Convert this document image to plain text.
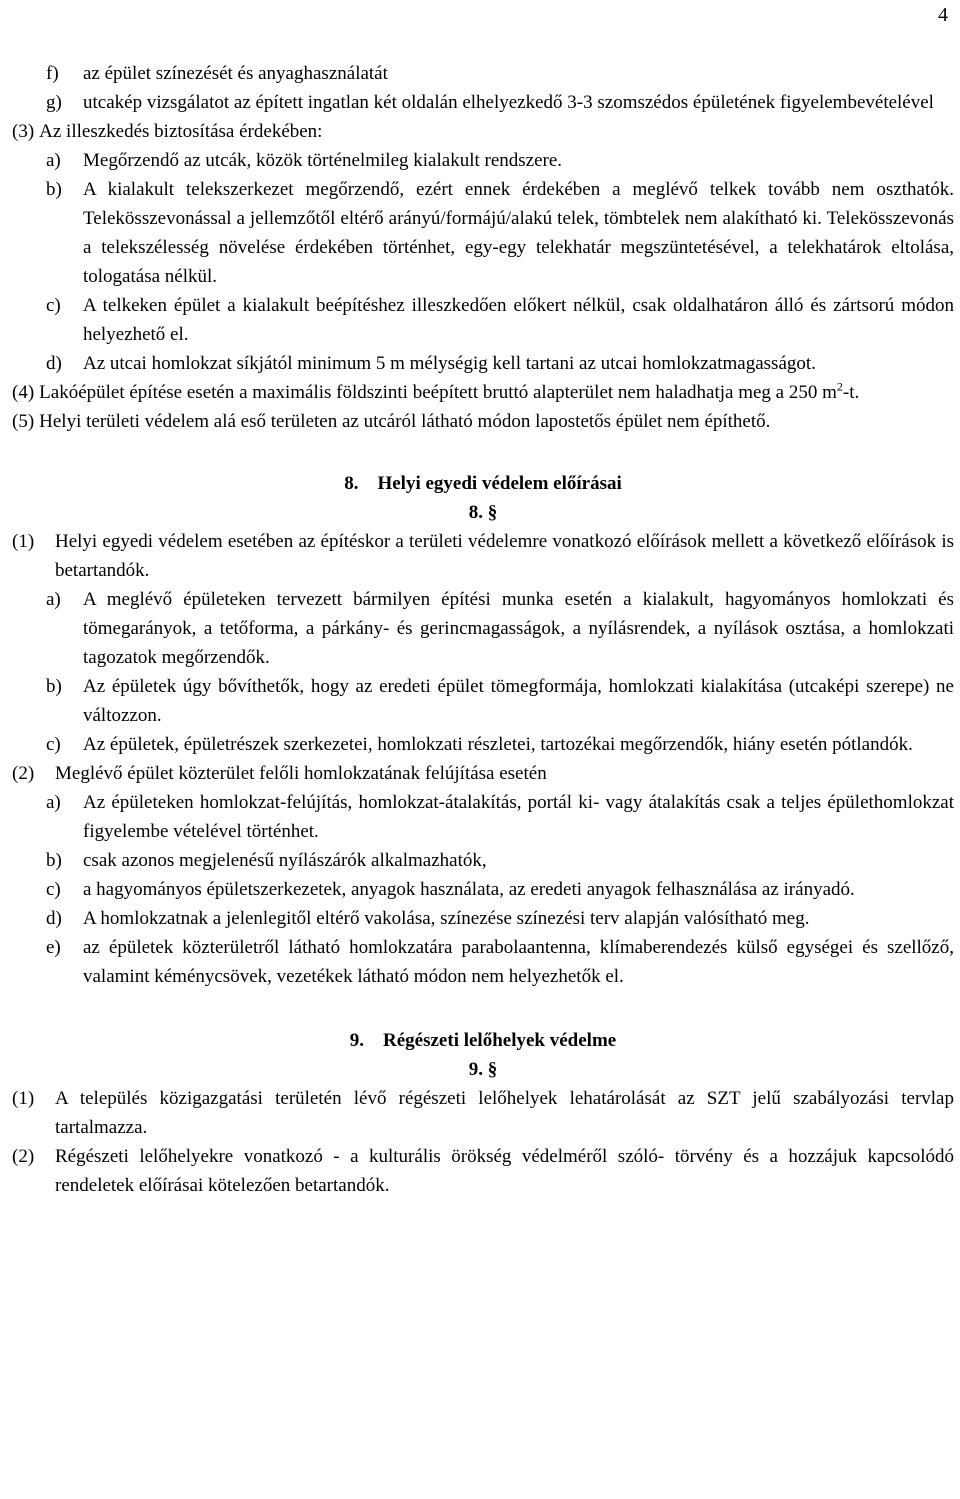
4
f)	az épület színezését és anyaghasználatát
g)	utcakép vizsgálatot az épített ingatlan két oldalán elhelyezkedő 3-3 szomszédos épületének figyelembevételével
(3) Az illeszkedés biztosítása érdekében:
a)	Megőrzendő az utcák, közök történelmileg kialakult rendszere.
b)	A kialakult telekszerkezet megőrzendő, ezért ennek érdekében a meglévő telkek tovább nem oszthatók. Telekösszevonással a jellemzőtől eltérő arányú/formájú/alakú telek, tömbtelek nem alakítható ki. Telekösszevonás a telekszélesség növelése érdekében történhet, egy-egy telekhatár megszüntetésével, a telekhatárok eltolása, tologatása nélkül.
c)	A telkeken épület a kialakult beépítéshez illeszkedően előkert nélkül, csak oldalhatáron álló és zártsorú módon helyezhető el.
d)	Az utcai homlokzat síkjától minimum 5 m mélységig kell tartani az utcai homlokzatmagasságot.
(4) Lakóépület építése esetén a maximális földszinti beépített bruttó alapterület nem haladhatja meg a 250 $m^2-t$.
(5) Helyi területi védelem alá eső területen az utcáról látható módon lapostetős épület nem építhető.

8. Helyi egyedi védelem előírásai

8. §

(1)	Helyi egyedi védelem esetében az építéskor a területi védelemre vonatkozó előírások mellett a következő előírások is betartandók.
a)	A meglévő épületeken tervezett bármilyen építési munka esetén a kialakult, hagyományos homlokzati és tömegarányok, a tetőforma, a párkány- és gerincmagasságok, a nyílásrendek, a nyílások osztása, a homlokzati tagozatok megőrzendők.
b)	Az épületek úgy bővíthetők, hogy az eredeti épület tömegformája, homlokzati kialakítása (utcaképi szerepe) ne változzon.
c)	Az épületek, épületrészek szerkezetei, homlokzati részletei, tartozékai megőrzendők, hiány esetén pótlandók.
(2)	Meglévő épület közterület felőli homlokzatának felújítása esetén
a)	Az épületeken homlokzat-felújítás, homlokzat-átalakítás, portál ki- vagy átalakítás csak a teljes épülethomlokzat figyelembe vételével történhet.
b)	csak azonos megjelenésű nyílászárók alkalmazhatók,
c)	a hagyományos épületszerkezetek, anyagok használata, az eredeti anyagok felhasználása az irányadó.
d)	A homlokzatnak a jelenlegitől eltérő vakolása, színezése színezési terv alapján valósítható meg.
e)	az épületek közterületről látható homlokzatára parabolaantenna, klímaberendezés külső egységei és szellőző, valamint kéménycsövek, vezetékek látható módon nem helyezhetők el.

9. Régészeti lelőhelyek védelme

9. §

(1)	A település közigazgatási területén lévő régészeti lelőhelyek lehatárolását az SZT jelű szabályozási tervlap tartalmazza.
(2)	Régészeti lelőhelyekre vonatkozó - a kulturális örökség védelméről szóló- törvény és a hozzájuk kapcsolódó rendeletek előírásai kötelezően betartandók.
